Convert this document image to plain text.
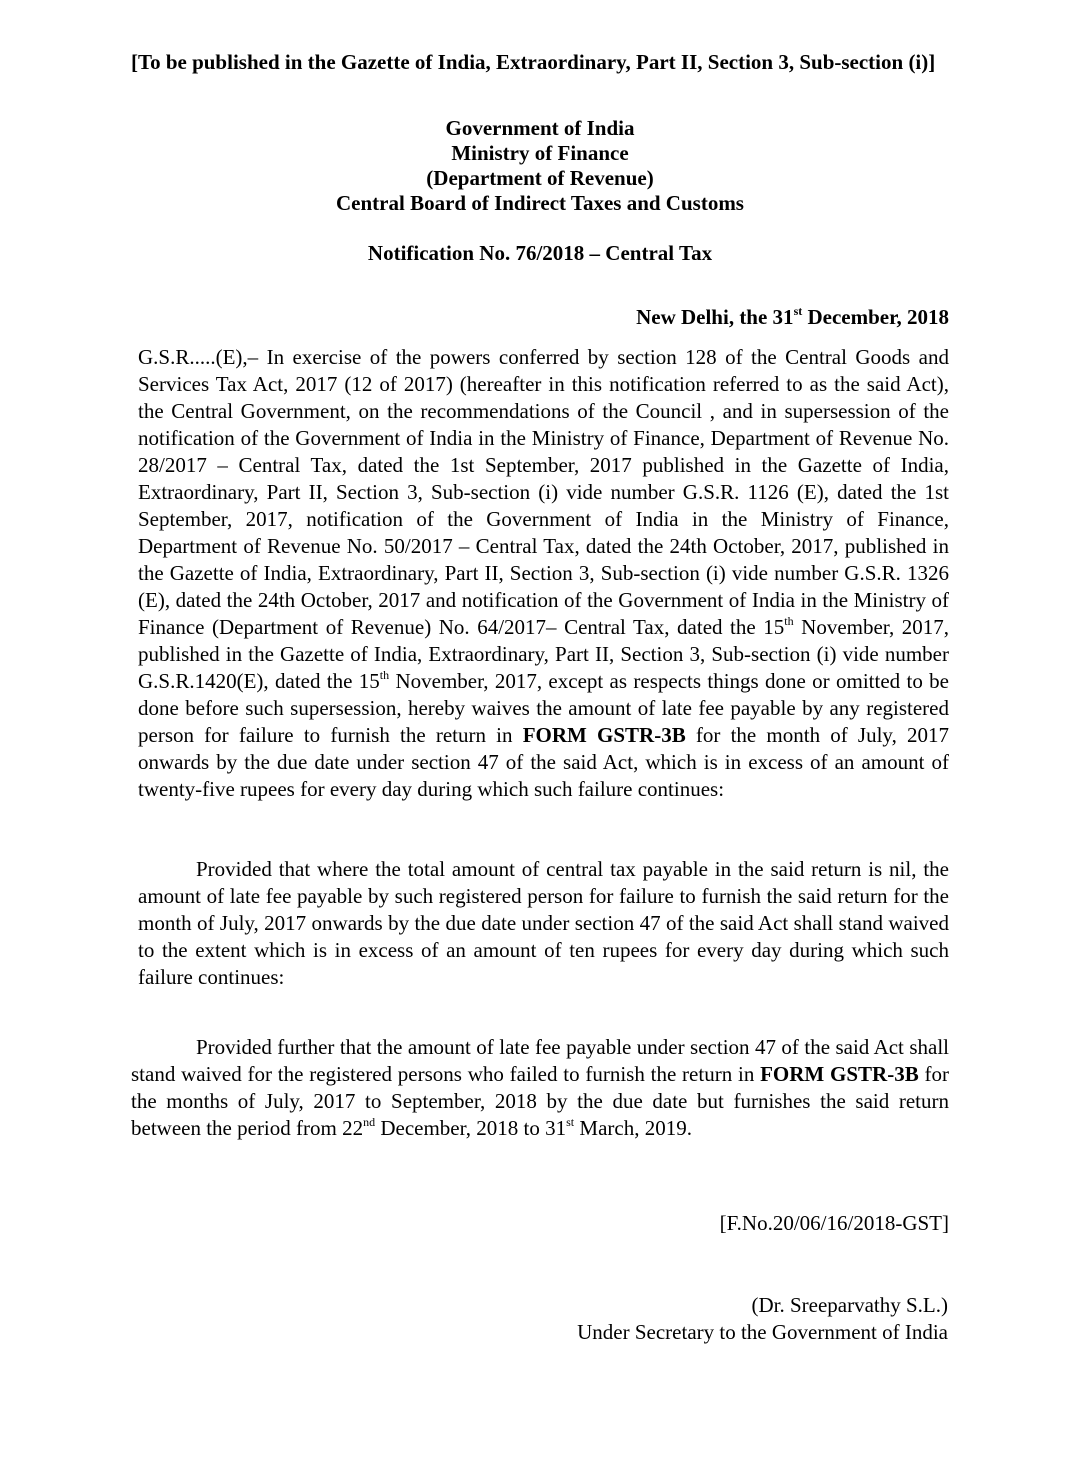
[To be published in the Gazette of India, Extraordinary, Part II, Section 3, Sub-section (i)]
Government of India
Ministry of Finance
(Department of Revenue)
Central Board of Indirect Taxes and Customs
Notification No. 76/2018 – Central Tax
New Delhi, the 31st December, 2018
G.S.R.....(E),– In exercise of the powers conferred by section 128 of the Central Goods and Services Tax Act, 2017 (12 of 2017) (hereafter in this notification referred to as the said Act), the Central Government, on the recommendations of the Council , and in supersession of the notification of the Government of India in the Ministry of Finance, Department of Revenue No. 28/2017 – Central Tax, dated the 1st September, 2017 published in the Gazette of India, Extraordinary, Part II, Section 3, Sub-section (i) vide number G.S.R. 1126 (E), dated the 1st September, 2017, notification of the Government of India in the Ministry of Finance, Department of Revenue No. 50/2017 – Central Tax, dated the 24th October, 2017, published in the Gazette of India, Extraordinary, Part II, Section 3, Sub-section (i) vide number G.S.R. 1326 (E), dated the 24th October, 2017 and notification of the Government of India in the Ministry of Finance (Department of Revenue) No. 64/2017– Central Tax, dated the 15th November, 2017, published in the Gazette of India, Extraordinary, Part II, Section 3, Sub-section (i) vide number G.S.R.1420(E), dated the 15th November, 2017, except as respects things done or omitted to be done before such supersession, hereby waives the amount of late fee payable by any registered person for failure to furnish the return in FORM GSTR-3B for the month of July, 2017 onwards by the due date under section 47 of the said Act, which is in excess of an amount of twenty-five rupees for every day during which such failure continues:
Provided that where the total amount of central tax payable in the said return is nil, the amount of late fee payable by such registered person for failure to furnish the said return for the month of July, 2017 onwards by the due date under section 47 of the said Act shall stand waived to the extent which is in excess of an amount of ten rupees for every day during which such failure continues:
Provided further that the amount of late fee payable under section 47 of the said Act shall stand waived for the registered persons who failed to furnish the return in FORM GSTR-3B for the months of July, 2017 to September, 2018 by the due date but furnishes the said return between the period from 22nd December, 2018 to 31st March, 2019.
[F.No.20/06/16/2018-GST]
(Dr. Sreeparvathy S.L.)
Under Secretary to the Government of India
